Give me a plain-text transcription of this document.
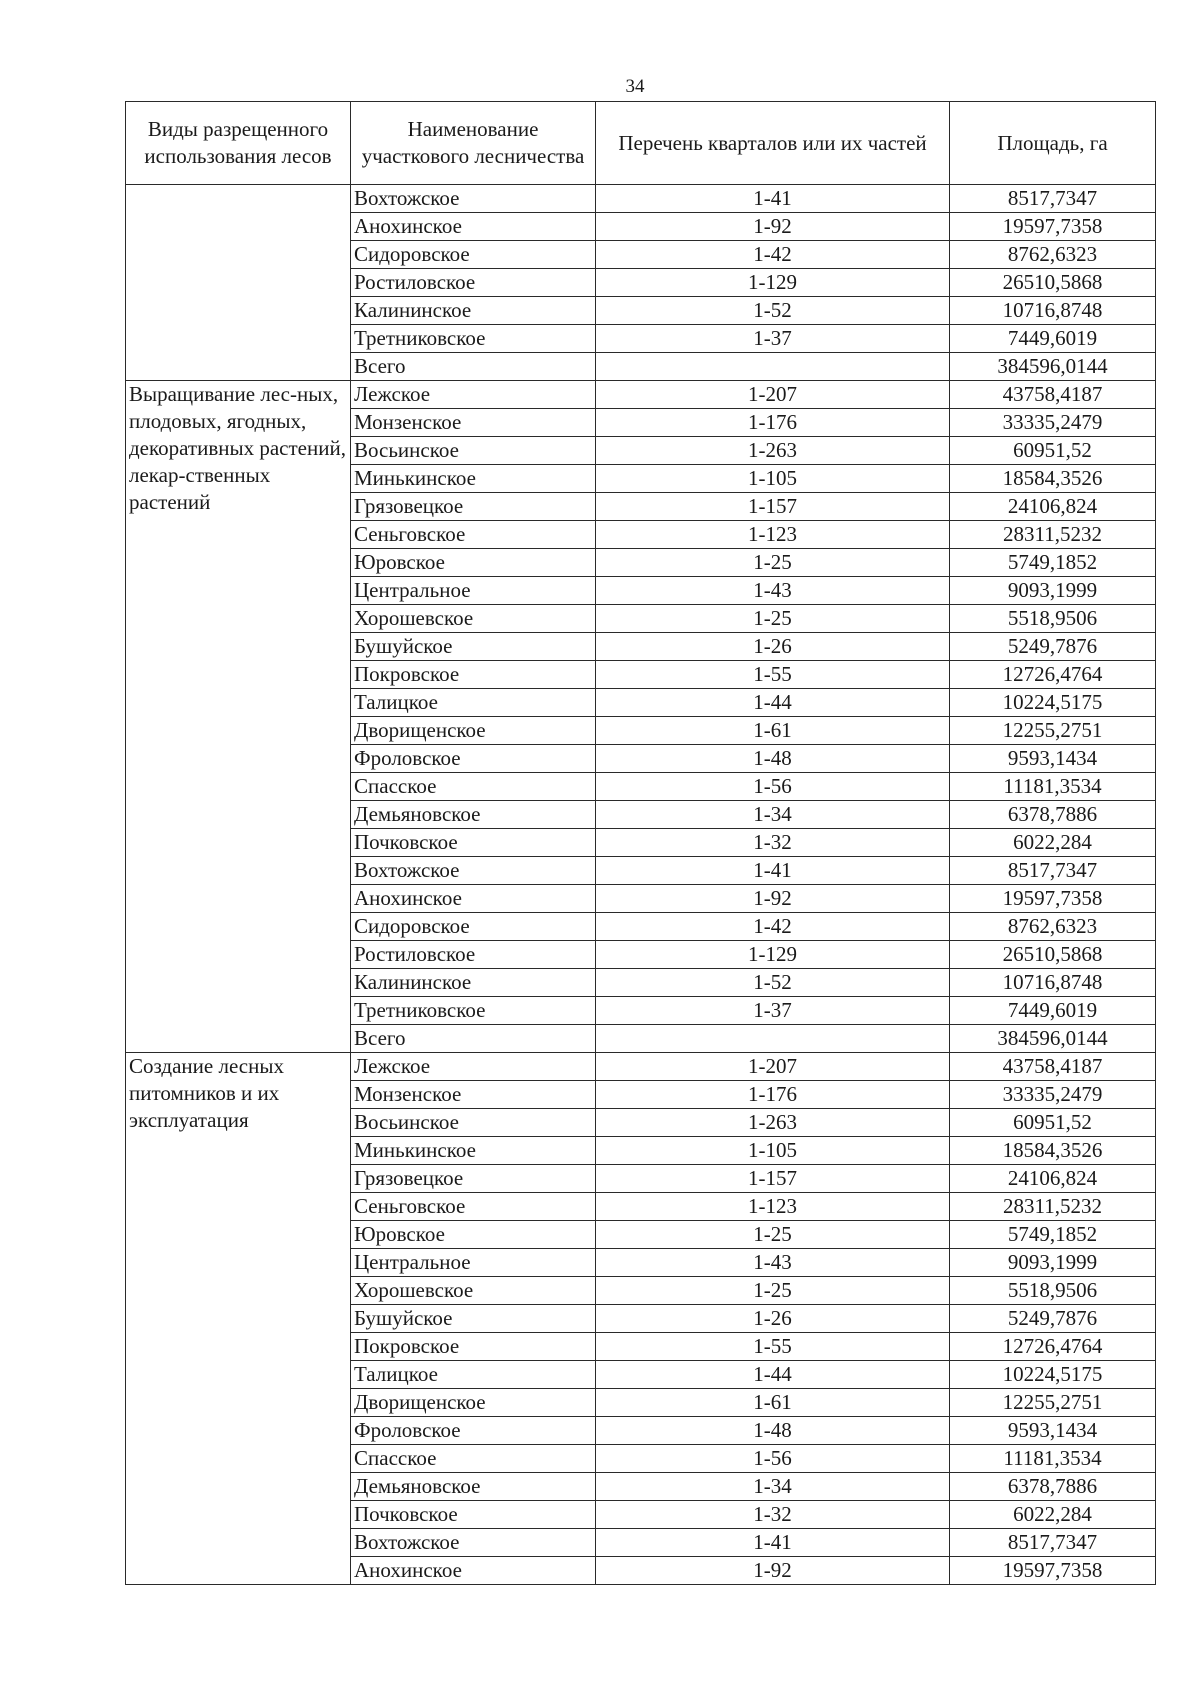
34
Виды разрещенного использования лесов	Наименование участкового лесничества	Перечень кварталов или их частей	Площадь, га
	Вохтожское	1-41	8517,7347
	Анохинское	1-92	19597,7358
	Сидоровское	1-42	8762,6323
	Ростиловское	1-129	26510,5868
	Калининское	1-52	10716,8748
	Третниковское	1-37	7449,6019
	Всего		384596,0144
Выращивание лес-ных, плодовых, ягодных, декоративных растений, лекар-ственных растений	Лежское	1-207	43758,4187
	Монзенское	1-176	33335,2479
	Восьинское	1-263	60951,52
	Минькинское	1-105	18584,3526
	Грязовецкое	1-157	24106,824
	Сеньговское	1-123	28311,5232
	Юровское	1-25	5749,1852
	Центральное	1-43	9093,1999
	Хорошевское	1-25	5518,9506
	Бушуйское	1-26	5249,7876
	Покровское	1-55	12726,4764
	Талицкое	1-44	10224,5175
	Дворищенское	1-61	12255,2751
	Фроловское	1-48	9593,1434
	Спасское	1-56	11181,3534
	Демьяновское	1-34	6378,7886
	Почковское	1-32	6022,284
	Вохтожское	1-41	8517,7347
	Анохинское	1-92	19597,7358
	Сидоровское	1-42	8762,6323
	Ростиловское	1-129	26510,5868
	Калининское	1-52	10716,8748
	Третниковское	1-37	7449,6019
	Всего		384596,0144
Создание лесных питомников и их эксплуатация	Лежское	1-207	43758,4187
	Монзенское	1-176	33335,2479
	Восьинское	1-263	60951,52
	Минькинское	1-105	18584,3526
	Грязовецкое	1-157	24106,824
	Сеньговское	1-123	28311,5232
	Юровское	1-25	5749,1852
	Центральное	1-43	9093,1999
	Хорошевское	1-25	5518,9506
	Бушуйское	1-26	5249,7876
	Покровское	1-55	12726,4764
	Талицкое	1-44	10224,5175
	Дворищенское	1-61	12255,2751
	Фроловское	1-48	9593,1434
	Спасское	1-56	11181,3534
	Демьяновское	1-34	6378,7886
	Почковское	1-32	6022,284
	Вохтожское	1-41	8517,7347
	Анохинское	1-92	19597,7358
